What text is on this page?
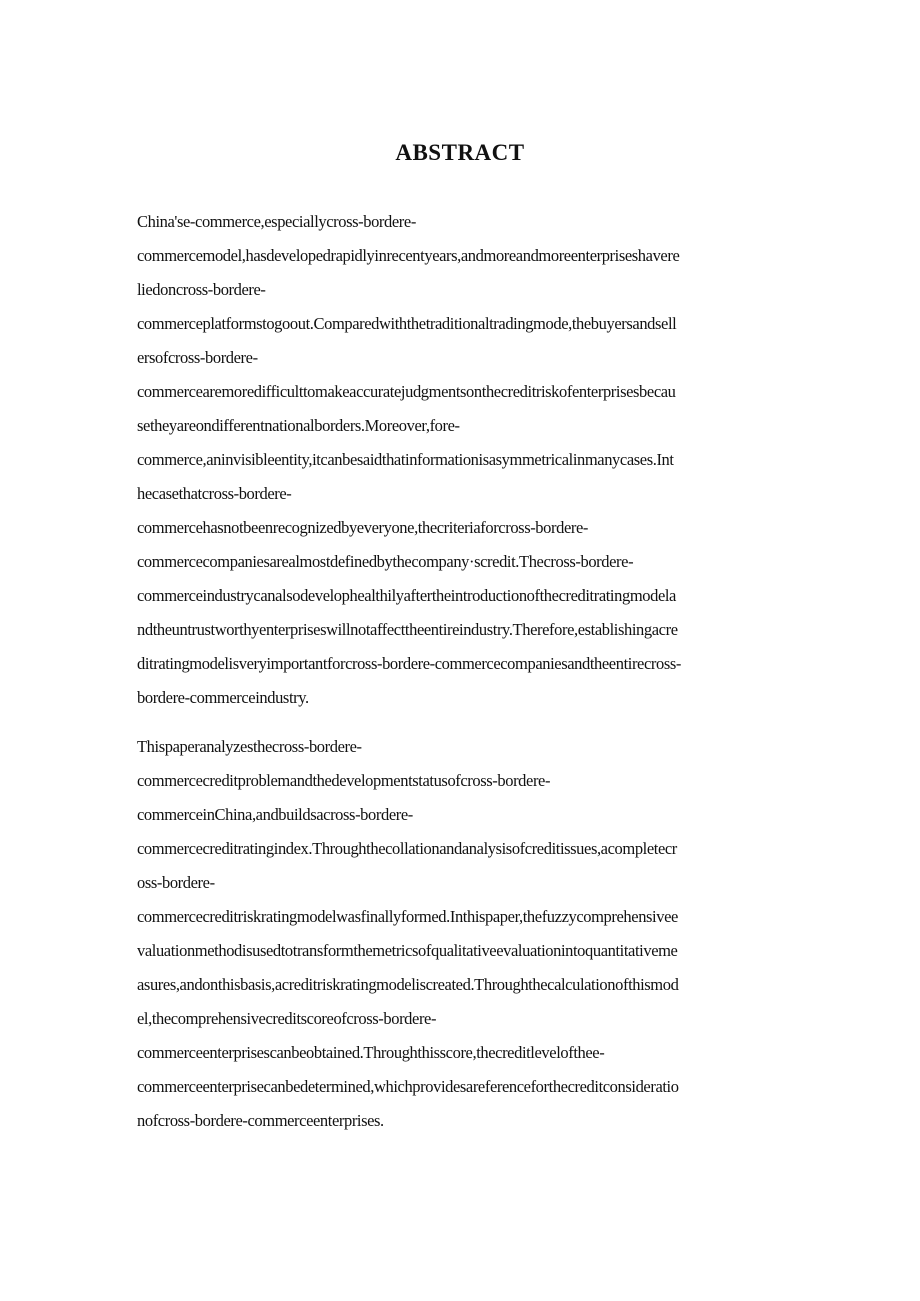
ABSTRACT
China'se-commerce,especiallycross-bordere-
commercemodel,hasdevelopedrapidlyinrecentyears,andmoreandmoreenterpriseshavere
liedoncross-bordere-
commerceplatformstogoout.Comparedwiththetraditionaltradingmode,thebuyersandsell
ersofcross-bordere-
commercearemoredifficulttomakeaccuratejudgmentsonthecreditriskofenterprisesbecau
setheyareondifferentnationalborders.Moreover,fore-
commerce,aninvisibleentity,itcanbesaidthatinformationisasymmetricalinmanycases.Int
hecasethatcross-bordere-
commercehasnotbeenrecognizedbyeveryone,thecriteriaforcross-bordere-
commercecompaniesarealmostdefinedbythecompany·scredit.Thecross-bordere-
commerceindustrycanalsodevelophealthilyaftertheintroductionofthecreditratingmodela
ndtheuntrustworthyenterpriseswillnotaffecttheentireindustry.Therefore,establishingacre
ditratingmodelisveryimportantforcross-bordere-commercecompaniesandtheentirecross-
bordere-commerceindustry.
Thispaperanalyzesthecross-bordere-
commercecreditproblemandthedevelopmentstatusofcross-bordere-
commerceinChina,andbuildsacross-bordere-
commercecreditratingindex.Throughthecollationandanalysisofcreditissues,acompletecr
oss-bordere-
commercecreditriskratingmodelwasfinallyformed.Inthispaper,thefuzzycomprehensivee
valuationmethodisusedtotransformthemetricsofqualitativeevaluationintoquantitativeme
asures,andonthisbasis,acreditriskratingmodeliscreated.Throughthecalculationofthismod
el,thecomprehensivecreditscoreofcross-bordere-
commerceenterprisescanbeobtained.Throughthisscore,thecreditlevelofthee-
commerceenterprisecanbedetermined,whichprovidesareferenceforthecreditconsideratio
nofcross-bordere-commerceenterprises.
